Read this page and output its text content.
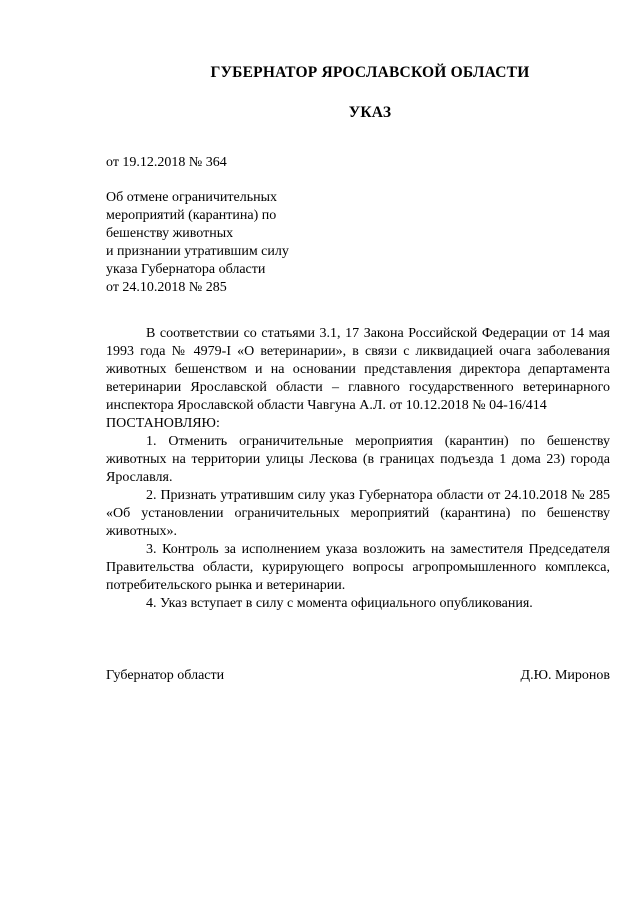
ГУБЕРНАТОР ЯРОСЛАВСКОЙ ОБЛАСТИ
УКАЗ
от 19.12.2018 № 364
Об отмене ограничительных
мероприятий (карантина) по
бешенству животных
и признании утратившим силу
указа Губернатора области
от 24.10.2018 № 285

В соответствии со статьями 3.1, 17 Закона Российской Федерации от 14 мая 1993 года № 4979-I «О ветеринарии», в связи с ликвидацией очага заболевания животных бешенством и на основании представления директора департамента ветеринарии Ярославской области – главного государственного ветеринарного инспектора Ярославской области Чавгуна А.Л. от 10.12.2018 № 04-16/414

ПОСТАНОВЛЯЮ:

1. Отменить ограничительные мероприятия (карантин) по бешенству животных на территории улицы Лескова (в границах подъезда 1 дома 23) города Ярославля.

2. Признать утратившим силу указ Губернатора области от 24.10.2018 № 285 «Об установлении ограничительных мероприятий (карантина) по бешенству животных».

3. Контроль за исполнением указа возложить на заместителя Председателя Правительства области, курирующего вопросы агропромышленного комплекса, потребительского рынка и ветеринарии.

4. Указ вступает в силу с момента официального опубликования.

Губернатор области	Д.Ю. Миронов
